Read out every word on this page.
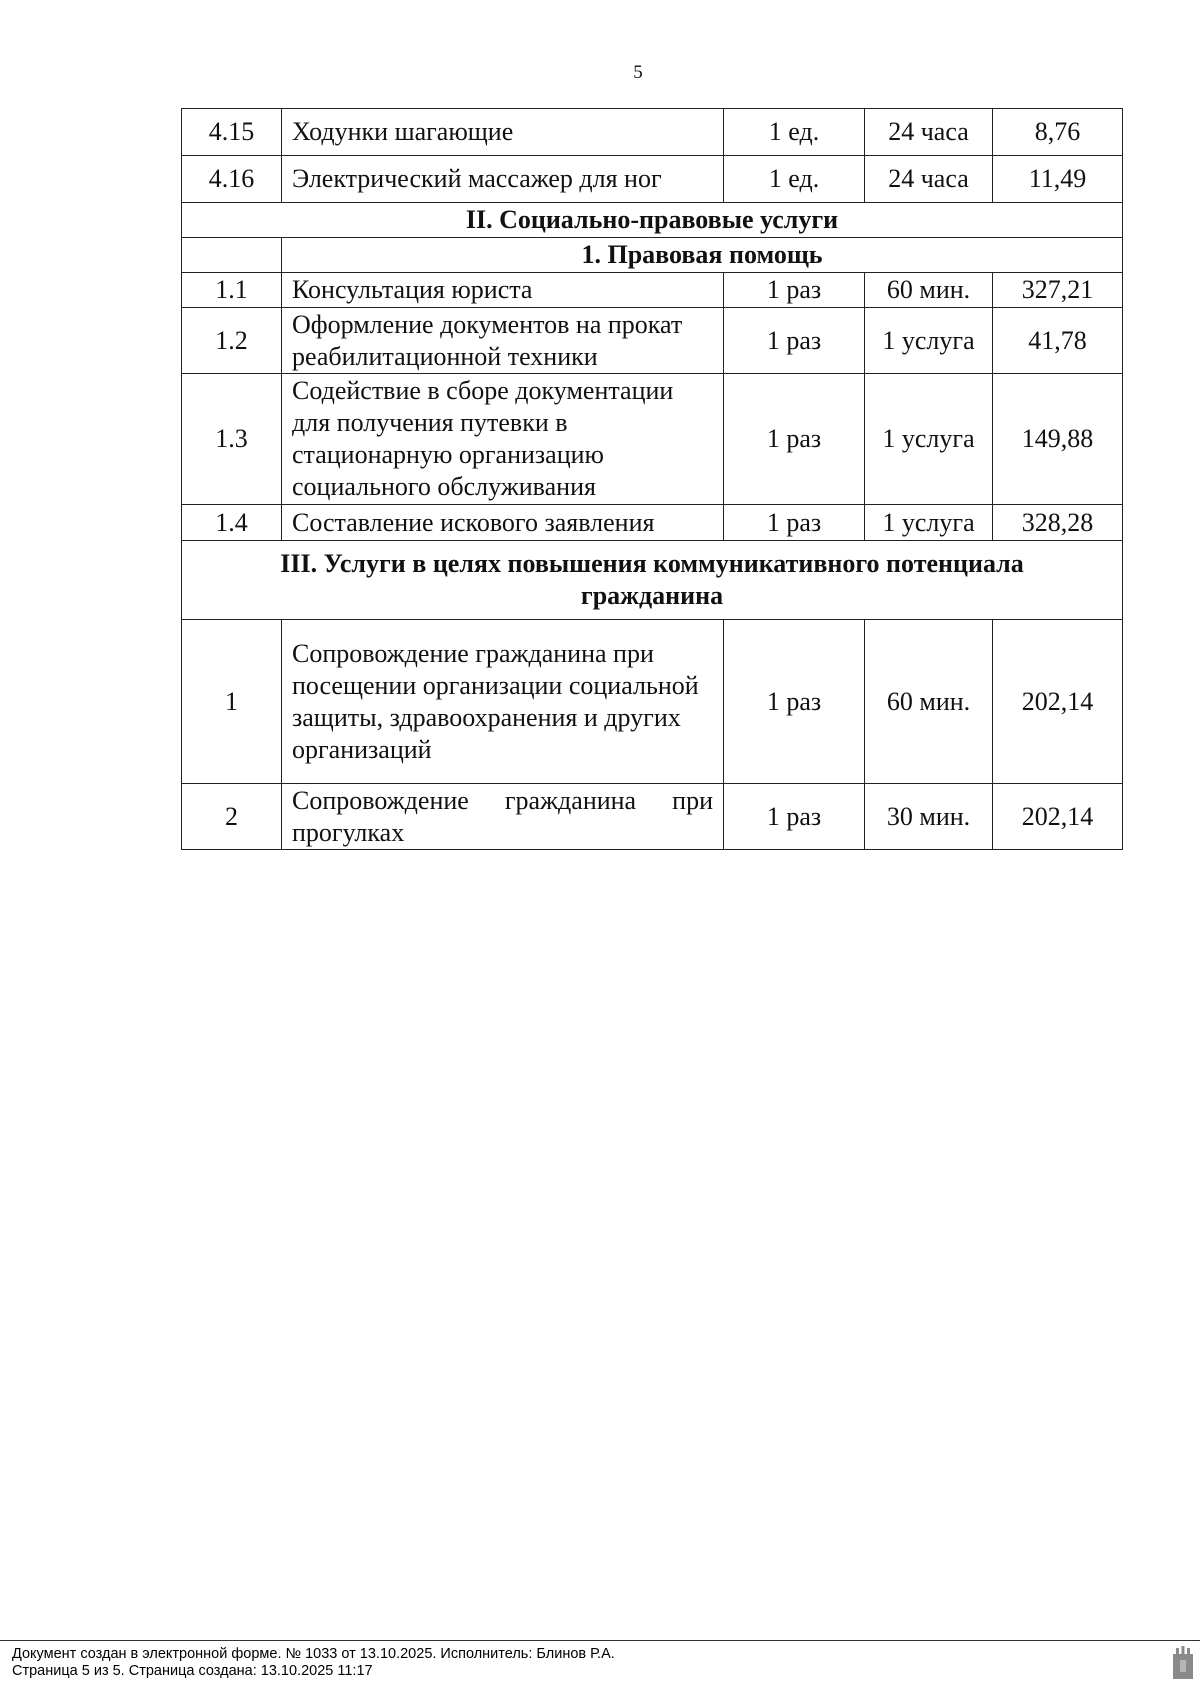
5
4.15	Ходунки шагающие	1 ед.	24 часа	8,76
4.16	Электрический массажер для ног	1 ед.	24 часа	11,49
II. Социально-правовые услуги				
	1. Правовая помощь			
1.1	Консультация юриста	1 раз	60 мин.	327,21
1.2	Оформление документов на прокат реабилитационной техники	1 раз	1 услуга	41,78
1.3	Содействие в сборе документации для получения путевки в стационарную организацию социального обслуживания	1 раз	1 услуга	149,88
1.4	Составление искового заявления	1 раз	1 услуга	328,28
III. Услуги в целях повышения коммуникативного потенциала гражданина				
1	Сопровождение гражданина при посещении организации социальной защиты, здравоохранения и других организаций	1 раз	60 мин.	202,14
2	Сопровождение гражданина при прогулках	1 раз	30 мин.	202,14
Документ создан в электронной форме. № 1033 от 13.10.2025. Исполнитель: Блинов Р.А.
Страница 5 из 5. Страница создана: 13.10.2025 11:17
